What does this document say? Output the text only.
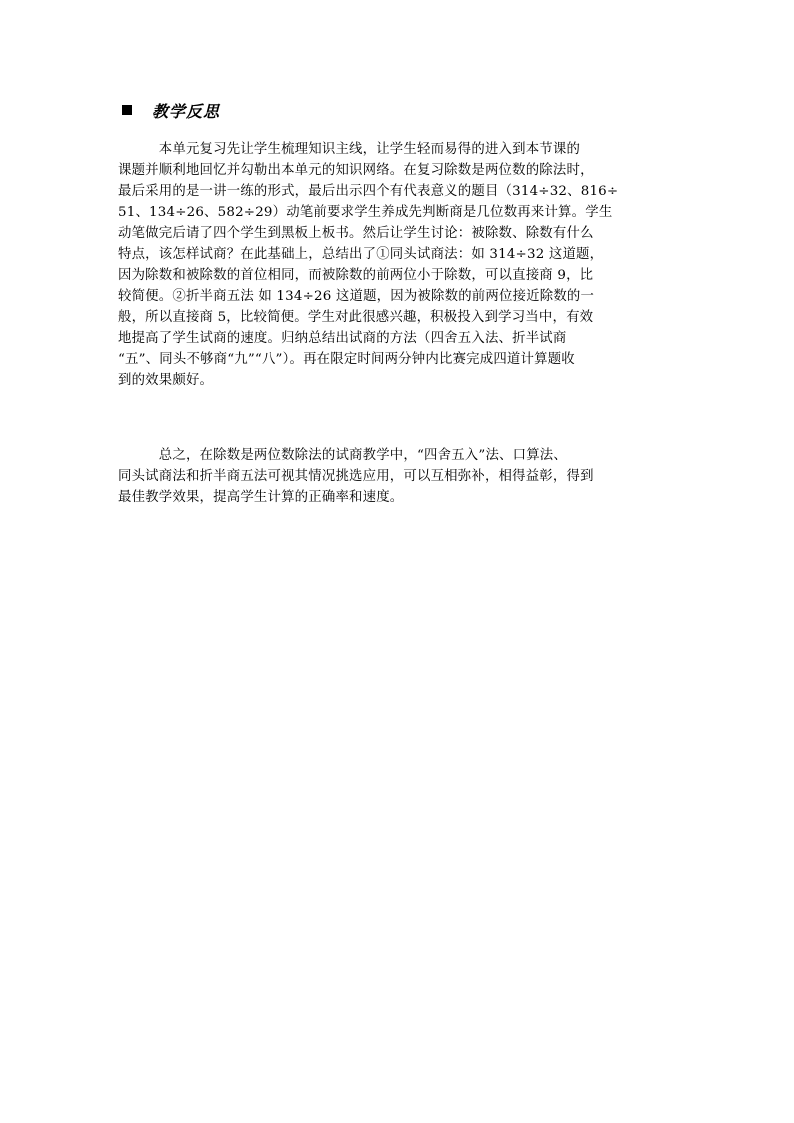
教学反思
　　　本单元复习先让学生梳理知识主线，让学生轻而易得的进入到本节课的
课题并顺利地回忆并勾勒出本单元的知识网络。在复习除数是两位数的除法时，
最后采用的是一讲一练的形式，最后出示四个有代表意义的题目（314÷32、816÷
51、134÷26、582÷29）动笔前要求学生养成先判断商是几位数再来计算。学生
动笔做完后请了四个学生到黑板上板书。然后让学生讨论：被除数、除数有什么
特点，该怎样试商？在此基础上，总结出了①同头试商法：如 314÷32 这道题，
因为除数和被除数的首位相同，而被除数的前两位小于除数，可以直接商 9，比
较简便。②折半商五法 如 134÷26 这道题，因为被除数的前两位接近除数的一
般，所以直接商 5，比较简便。学生对此很感兴趣，积极投入到学习当中，有效
地提高了学生试商的速度。归纳总结出试商的方法（四舍五入法、折半试商
“五”、同头不够商“九”“八”）。再在限定时间两分钟内比赛完成四道计算题收
到的效果颇好。
　　　总之，在除数是两位数除法的试商教学中，“四舍五入”法、口算法、
同头试商法和折半商五法可视其情况挑选应用，可以互相弥补，相得益彰，得到
最佳教学效果，提高学生计算的正确率和速度。
